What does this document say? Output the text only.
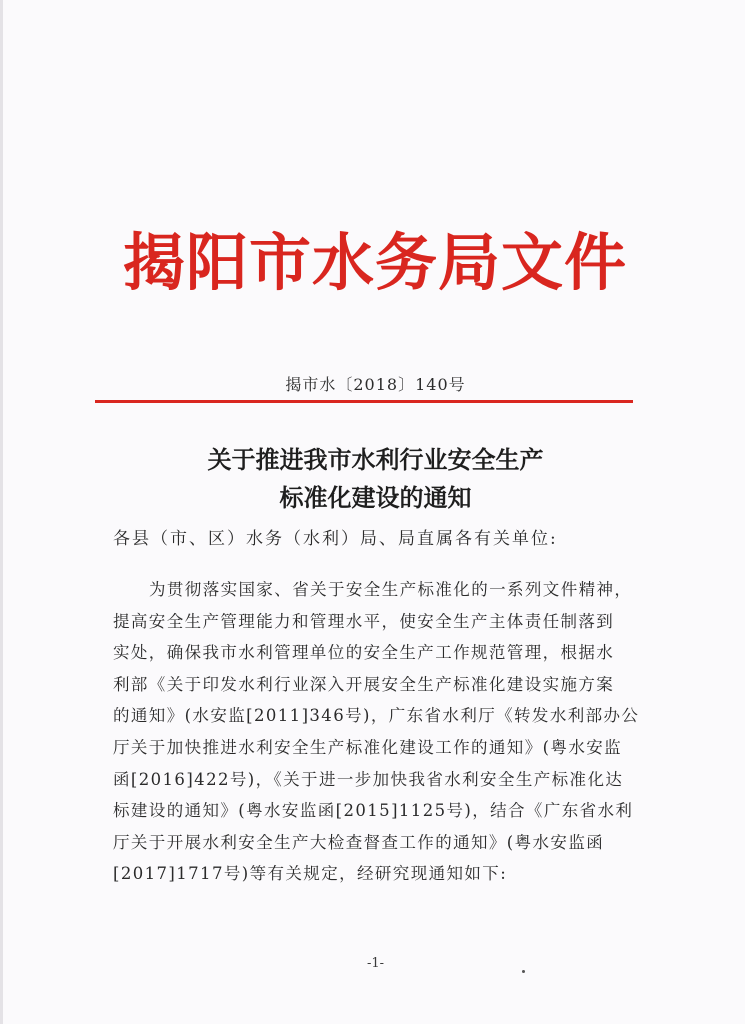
揭阳市水务局文件
揭市水〔2018〕140号
关于推进我市水利行业安全生产
标准化建设的通知
各县（市、区）水务（水利）局、局直属各有关单位:
为贯彻落实国家、省关于安全生产标准化的一系列文件精神，
提高安全生产管理能力和管理水平，使安全生产主体责任制落到
实处，确保我市水利管理单位的安全生产工作规范管理，根据水
利部《关于印发水利行业深入开展安全生产标准化建设实施方案
的通知》(水安监[2011]346号)，广东省水利厅《转发水利部办公
厅关于加快推进水利安全生产标准化建设工作的通知》(粤水安监
函[2016]422号)，《关于进一步加快我省水利安全生产标准化达
标建设的通知》(粤水安监函[2015]1125号)，结合《广东省水利
厅关于开展水利安全生产大检查督查工作的通知》(粤水安监函
[2017]1717号)等有关规定，经研究现通知如下:
-1-
